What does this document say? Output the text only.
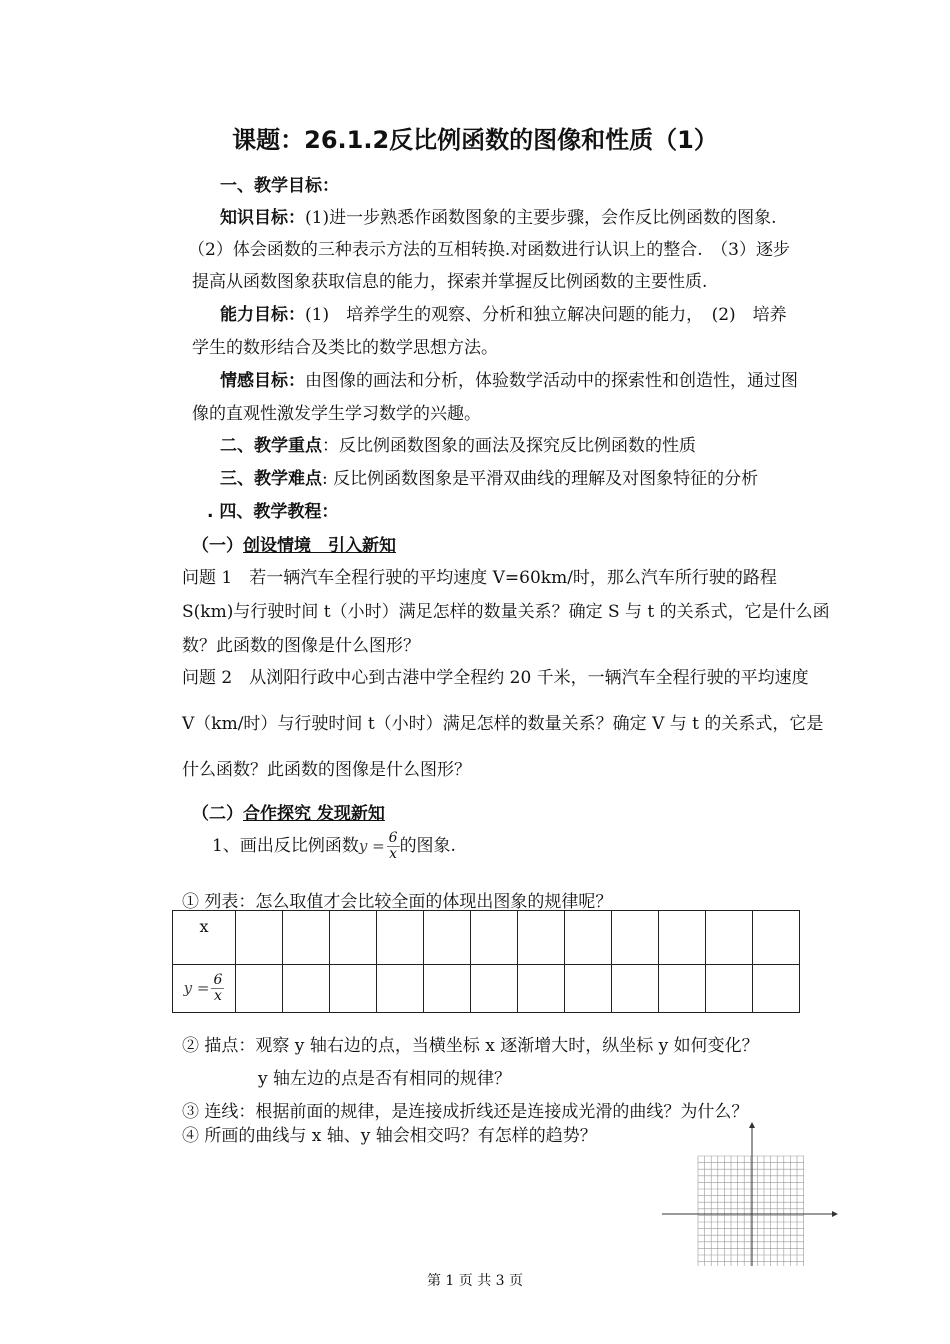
课题：26.1.2反比例函数的图像和性质（1）
一、教学目标：
知识目标：(1)进一步熟悉作函数图象的主要步骤，会作反比例函数的图象.
（2）体会函数的三种表示方法的互相转换.对函数进行认识上的整合.　（3）逐步
提高从函数图象获取信息的能力，探索并掌握反比例函数的主要性质.
能力目标：(1)　培养学生的观察、分析和独立解决问题的能力，　(2)　培养
学生的数形结合及类比的数学思想方法。
情感目标：由图像的画法和分析，体验数学活动中的探索性和创造性，通过图
像的直观性激发学生学习数学的兴趣。
二、教学重点：反比例函数图象的画法及探究反比例函数的性质
三、教学难点: 反比例函数图象是平滑双曲线的理解及对图象特征的分析
. 四、教学教程：
（一）创设情境　引入新知
问题 1　若一辆汽车全程行驶的平均速度 V=60km/时，那么汽车所行驶的路程
S(km)与行驶时间 t（小时）满足怎样的数量关系？确定 S 与 t 的关系式，它是什么函
数？此函数的图像是什么图形？
问题 2　从浏阳行政中心到古港中学全程约 20 千米，一辆汽车全程行驶的平均速度
V（km/时）与行驶时间 t（小时）满足怎样的数量关系？确定 V 与 t 的关系式，它是
什么函数？此函数的图像是什么图形？
（二）合作探究 发现新知
1、画出反比例函数$y = \frac{6}{x}$ 的图象.
① 列表：怎么取值才会比较全面的体现出图象的规律呢？
x												
$y = \frac{6}{x}$

② 描点：观察 y 轴右边的点，当横坐标 x 逐渐增大时，纵坐标 y 如何变化？
y 轴左边的点是否有相同的规律？
③ 连线：根据前面的规律，是连接成折线还是连接成光滑的曲线？为什么？
④ 所画的曲线与 x 轴、y 轴会相交吗？有怎样的趋势？
第 1 页 共 3 页
